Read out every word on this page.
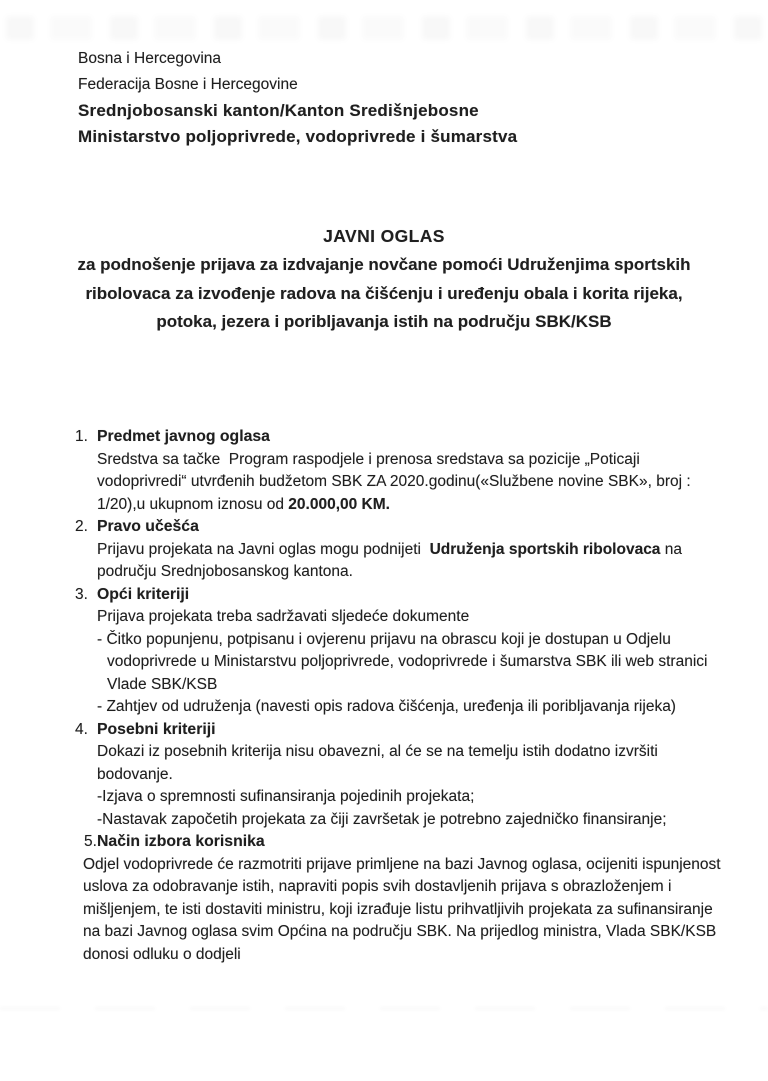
Bosna i Hercegovina
Federacija Bosne i Hercegovine
Srednjobosanski kanton/Kanton Središnjebosne
Ministarstvo poljoprivrede, vodoprivrede i šumarstva
JAVNI OGLAS
za podnošenje prijava za izdvajanje novčane pomoći Udruženjima sportskih ribolovaca za izvođenje radova na čišćenju i uređenju obala i korita rijeka, potoka, jezera i poribljavanja istih na području SBK/KSB
1. Predmet javnog oglasa
Sredstva sa tačke  Program raspodjele i prenosa sredstava sa pozicije „Poticaji vodoprivredi“ utvrđenih budžetom SBK ZA 2020.godinu(«Službene novine SBK», broj : 1/20),u ukupnom iznosu od 20.000,00 KM.
2. Pravo učešća
Prijavu projekata na Javni oglas mogu podnijeti  Udruženja sportskih ribolovaca na području Srednjobosanskog kantona.
3. Opći kriteriji
Prijava projekata treba sadržavati sljedeće dokumente
- Čitko popunjenu, potpisanu i ovjerenu prijavu na obrascu koji je dostupan u Odjelu vodoprivrede u Ministarstvu poljoprivrede, vodoprivrede i šumarstva SBK ili web stranici Vlade SBK/KSB
- Zahtjev od udruženja (navesti opis radova čišćenja, uređenja ili poribljavanja rijeka)
4. Posebni kriteriji
Dokazi iz posebnih kriterija nisu obavezni, al će se na temelju istih dodatno izvršiti bodovanje.
-Izjava o spremnosti sufinansiranja pojedinih projekata;
-Nastavak započetih projekata za čiji završetak je potrebno zajedničko finansiranje;
5. Način izbora korisnika
Odjel vodoprivrede će razmotriti prijave primljene na bazi Javnog oglasa, ocijeniti ispunjenost uslova za odobravanje istih, napraviti popis svih dostavljenih prijava s obrazloženjem i mišljenjem, te isti dostaviti ministru, koji izrađuje listu prihvatljivih projekata za sufinansiranje na bazi Javnog oglasa svim Općina na području SBK. Na prijedlog ministra, Vlada SBK/KSB donosi odluku o dodjeli
